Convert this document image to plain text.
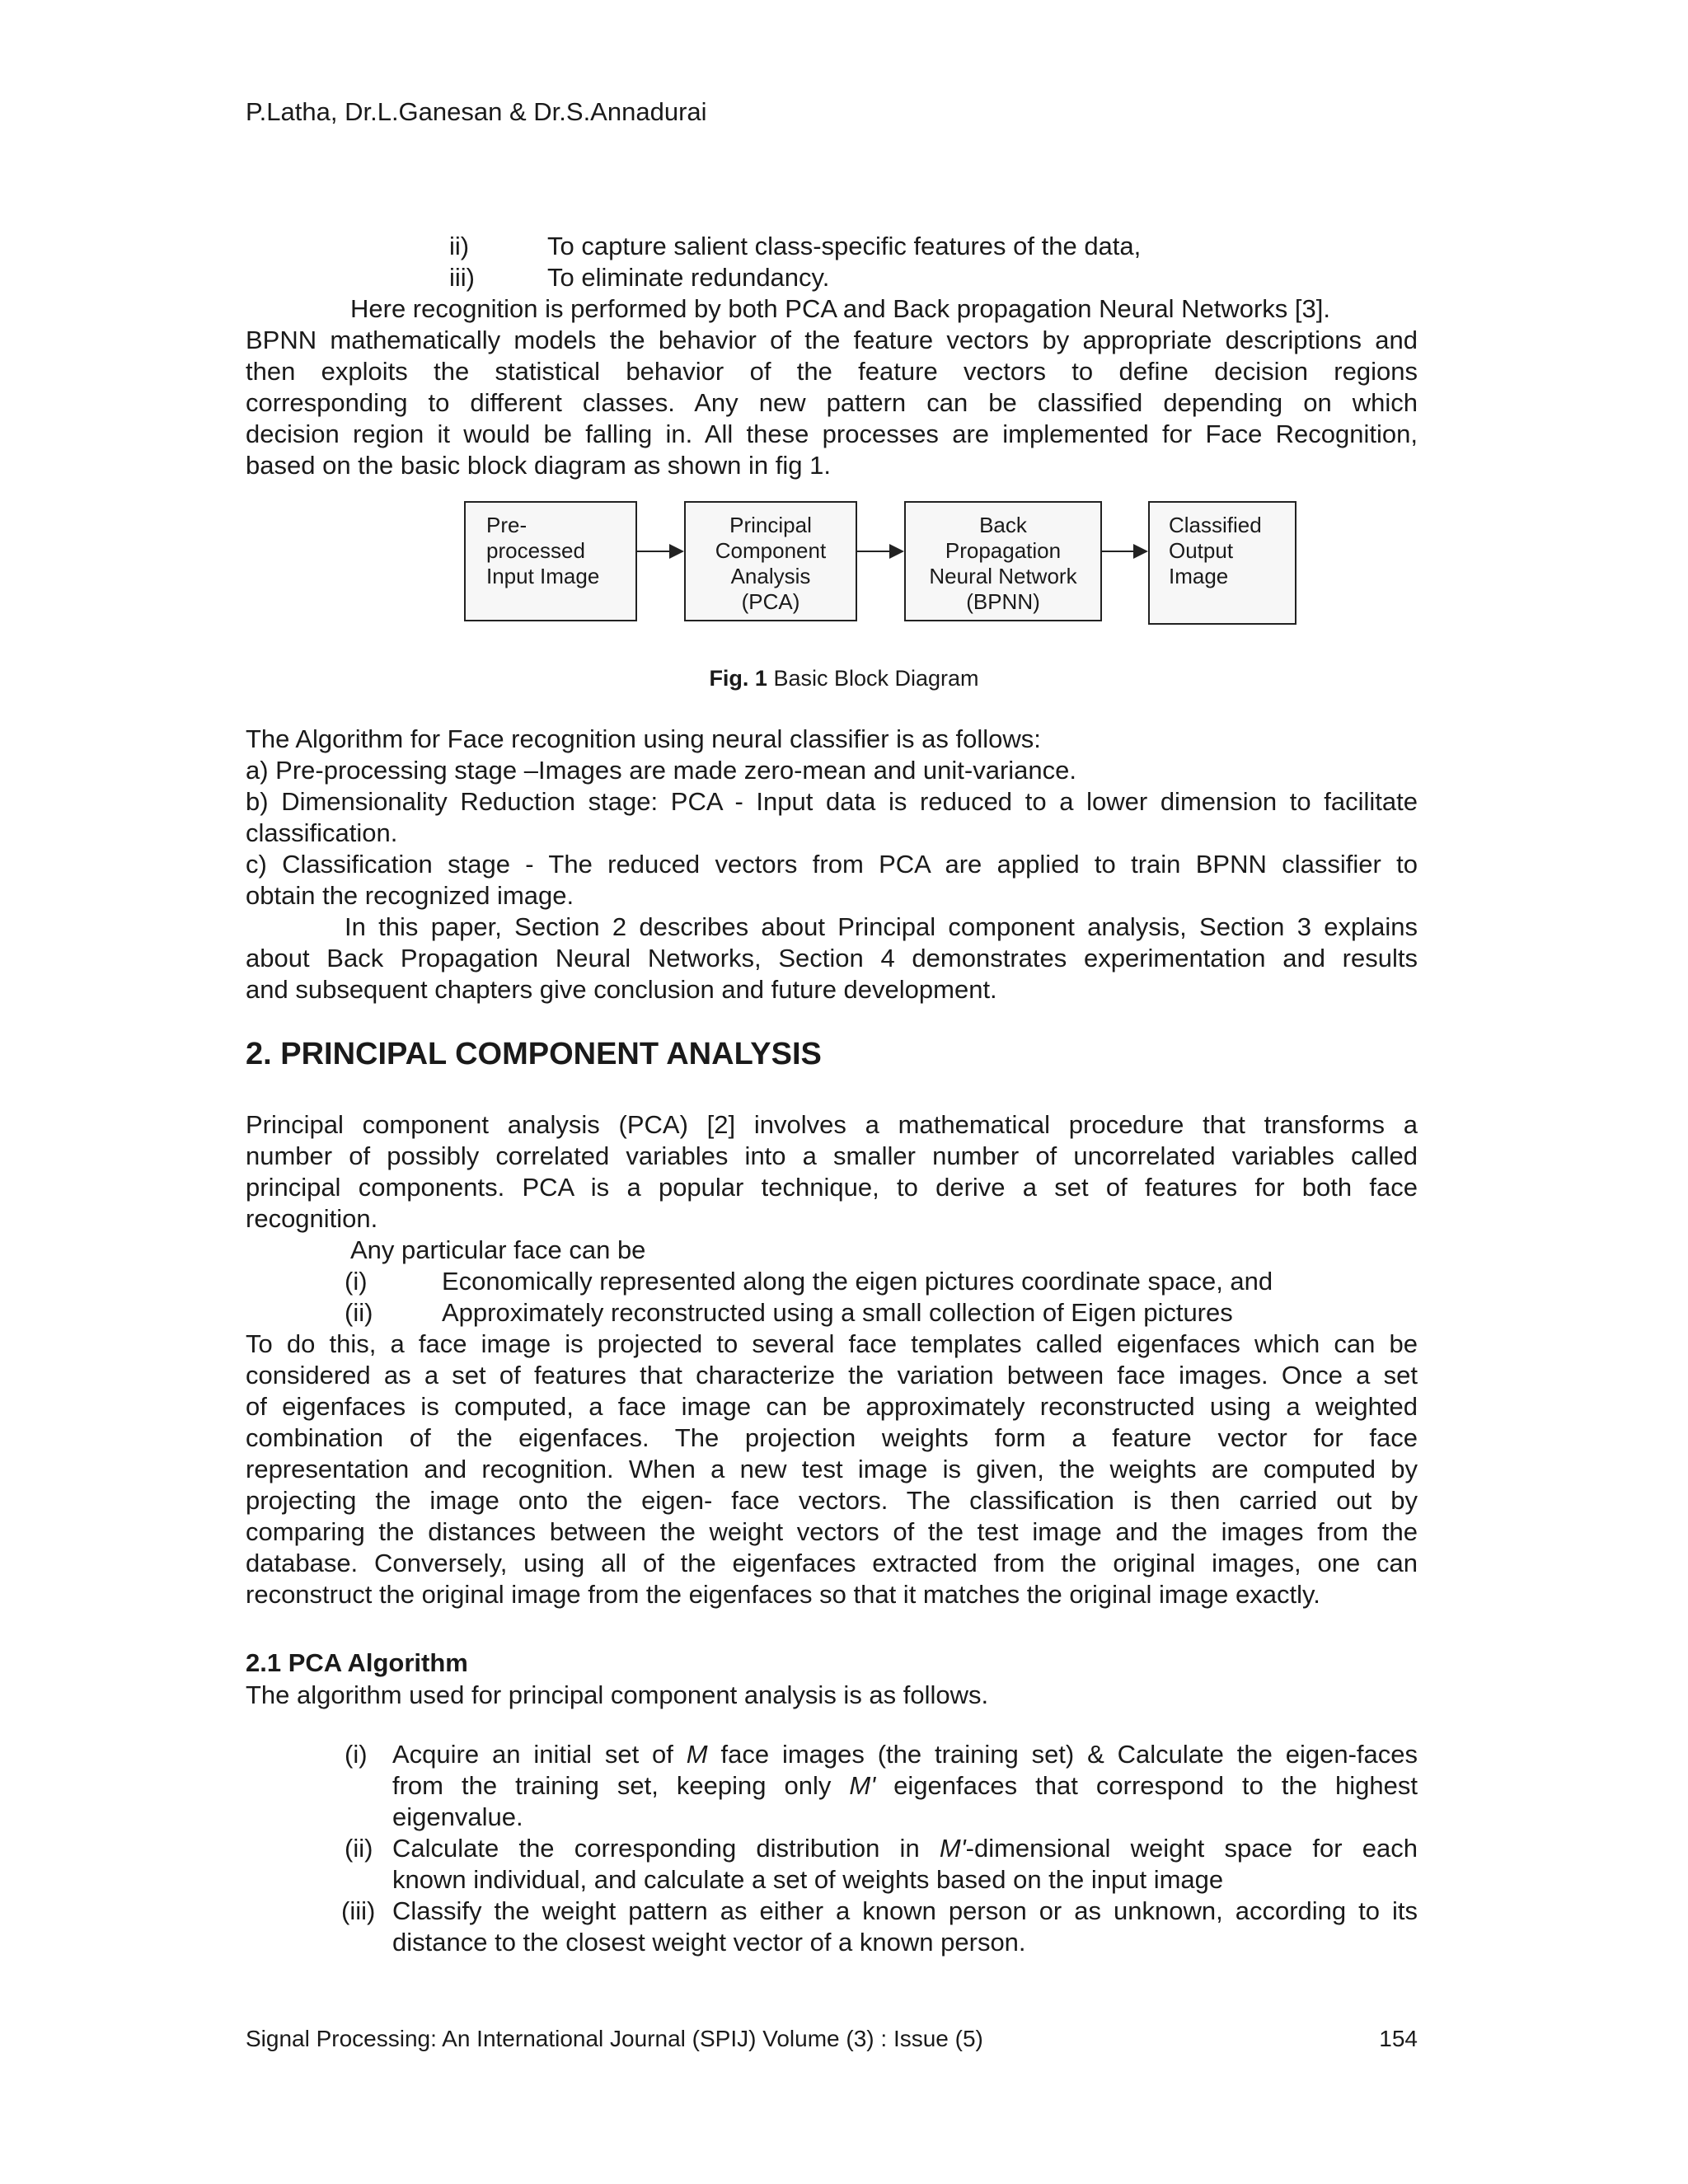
P.Latha, Dr.L.Ganesan & Dr.S.Annadurai
ii)	To capture salient class-specific features of the data,
iii)	To eliminate redundancy.
Here recognition is performed by both PCA and Back propagation Neural Networks [3].
BPNN mathematically models the behavior of the feature vectors by appropriate descriptions and
then exploits the statistical behavior of the feature vectors to define decision regions
corresponding to different classes. Any new pattern can be classified depending on which
decision region it would be falling in. All these processes are implemented for Face Recognition,
based on the basic block diagram as shown in fig 1.
Pre-
processed
Input Image
Principal
Component
Analysis
(PCA)
Back
Propagation
Neural Network
(BPNN)
Classified
Output
Image
Fig. 1 Basic Block Diagram
The Algorithm for Face recognition using neural classifier is as follows:
a) Pre-processing stage –Images are made zero-mean and unit-variance.
b) Dimensionality Reduction stage: PCA - Input data is reduced to a lower dimension to facilitate
classification.
c) Classification stage - The reduced vectors from PCA are applied to train BPNN classifier to
obtain the recognized image.
In this paper, Section 2 describes about Principal component analysis, Section 3 explains
about Back Propagation Neural Networks, Section 4 demonstrates experimentation and results
and subsequent chapters give conclusion and future development.
2. PRINCIPAL COMPONENT ANALYSIS
Principal component analysis (PCA) [2] involves a mathematical procedure that transforms a
number of possibly correlated variables into a smaller number of uncorrelated variables called
principal components. PCA is a popular technique, to derive a set of features for both face
recognition.
Any particular face can be
(i)	Economically represented along the eigen pictures coordinate space, and
(ii)	Approximately reconstructed using a small collection of Eigen pictures
To do this, a face image is projected to several face templates called eigenfaces which can be
considered as a set of features that characterize the variation between face images. Once a set
of eigenfaces is computed, a face image can be approximately reconstructed using a weighted
combination of the eigenfaces. The projection weights form a feature vector for face
representation and recognition. When a new test image is given, the weights are computed by
projecting the image onto the eigen- face vectors. The classification is then carried out by
comparing the distances between the weight vectors of the test image and the images from the
database. Conversely, using all of the eigenfaces extracted from the original images, one can
reconstruct the original image from the eigenfaces so that it matches the original image exactly.
2.1 PCA Algorithm
The algorithm used for principal component analysis is as follows.
(i) Acquire an initial set of M face images (the training set) & Calculate the eigen-faces
from the training set, keeping only M' eigenfaces that correspond to the highest
eigenvalue.
(ii) Calculate the corresponding distribution in M'-dimensional weight space for each
known individual, and calculate a set of weights based on the input image
(iii) Classify the weight pattern as either a known person or as unknown, according to its
distance to the closest weight vector of a known person.
Signal Processing: An International Journal (SPIJ) Volume (3) : Issue (5)	154
